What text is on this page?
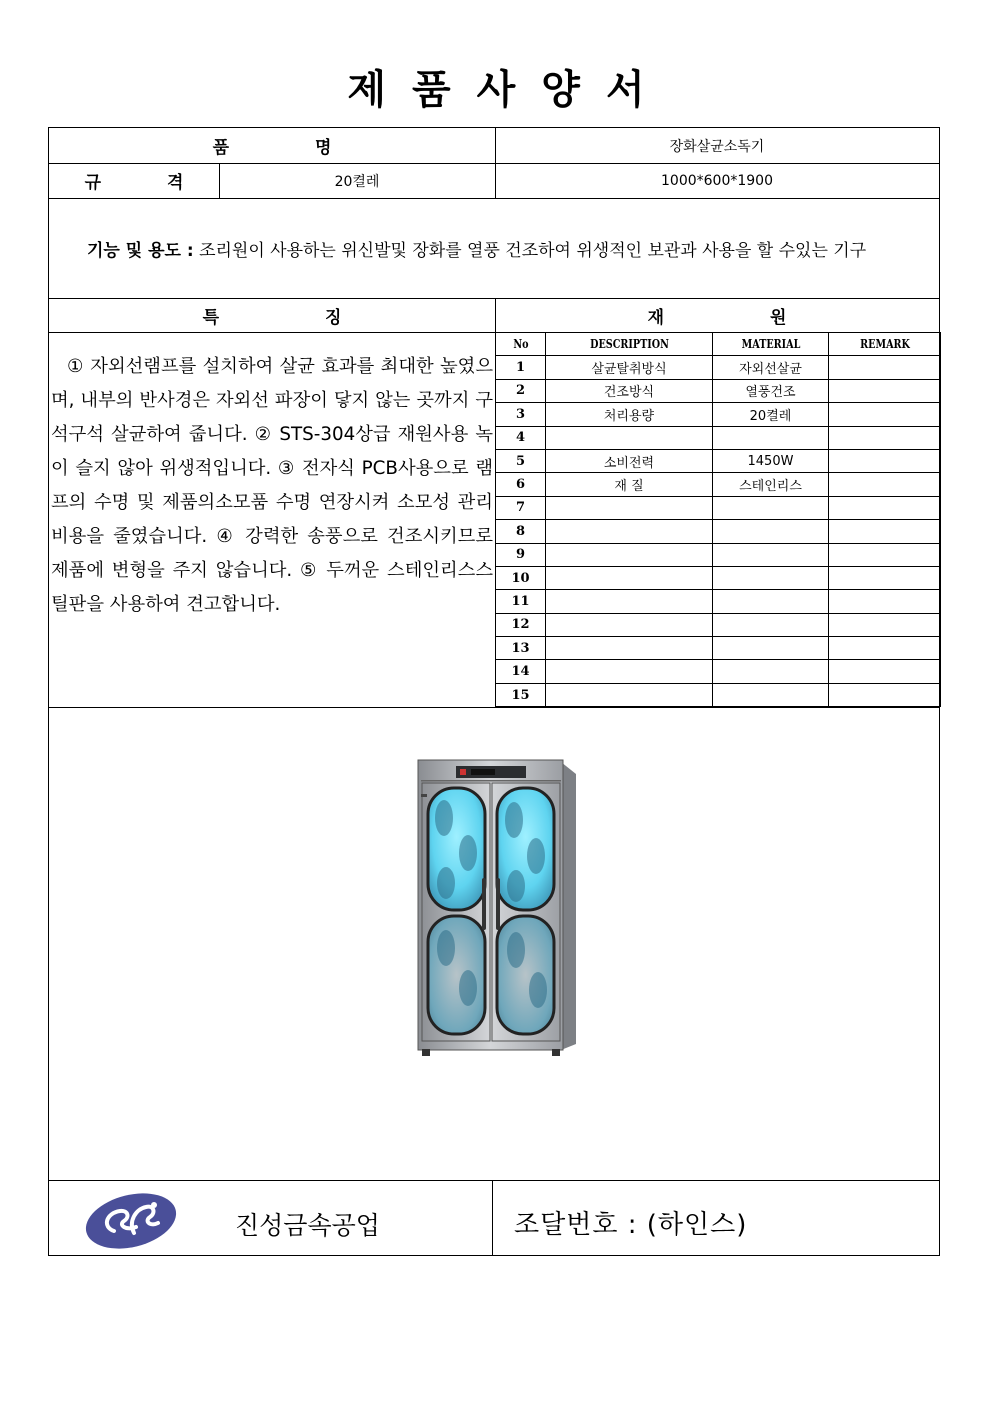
제품사양서
품 명	장화살균소독기
규 격	20켤레	1000*600*1900
기능 및 용도 : 조리원이 사용하는 위신발및 장화를 열풍 건조하여 위생적인 보관과 사용을 할 수있는 기구
특 징	재 원
① 자외선램프를 설치하여 살균 효과를 최대한 높였으며, 내부의 반사경은 자외선 파장이 닿지 않는 곳까지 구석구석 살균하여 줍니다. ② STS-304상급 재원사용 녹이 슬지 않아 위생적입니다. ③ 전자식 PCB사용으로 램프의 수명 및 제품의소모품 수명 연장시켜 소모성 관리비용을 줄였습니다. ④ 강력한 송풍으로 건조시키므로 제품에 변형을 주지 않습니다. ⑤ 두꺼운 스테인리스스틸판을 사용하여 견고합니다.
No	DESCRIPTION	MATERIAL	REMARK
1	살균탈취방식	자외선살균	
2	건조방식	열풍건조	
3	처리용량	20켤레	
4			
5	소비전력	1450W	
6	재 질	스테인리스	
7			
8			
9			
10			
11			
12			
13			
14			
15			
진성금속공업	조달번호 : (하인스)
